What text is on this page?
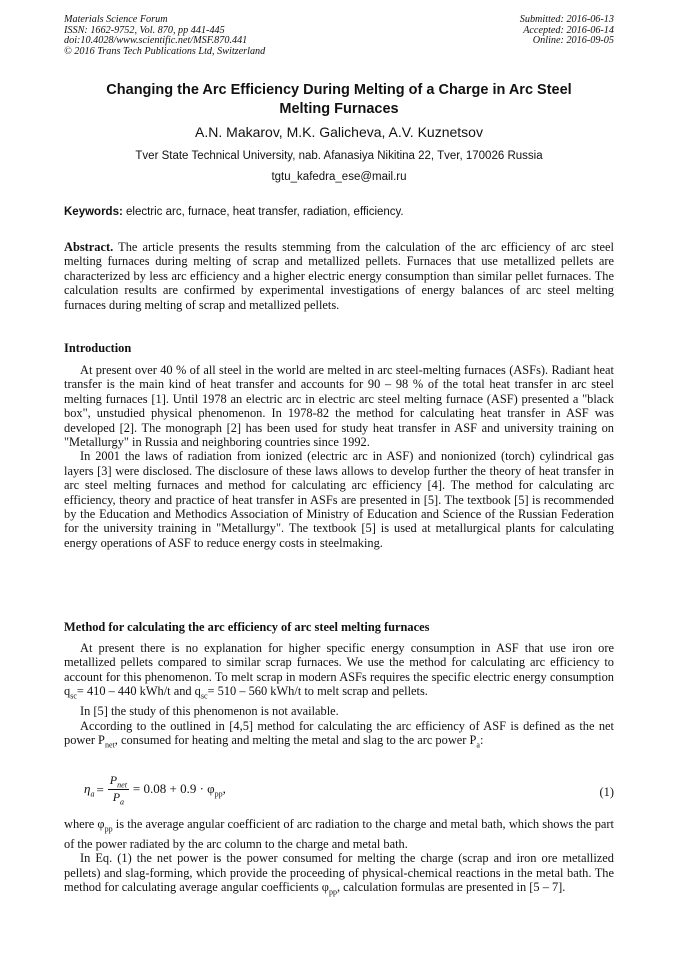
Materials Science Forum
ISSN: 1662-9752, Vol. 870, pp 441-445
doi:10.4028/www.scientific.net/MSF.870.441
© 2016 Trans Tech Publications Ltd, Switzerland
Submitted: 2016-06-13
Accepted: 2016-06-14
Online: 2016-09-05
Changing the Arc Efficiency During Melting of a Charge in Arc Steel
Melting Furnaces
A.N. Makarov, M.K. Galicheva, A.V. Kuznetsov
Tver State Technical University, nab. Afanasiya Nikitina 22, Tver, 170026 Russia
tgtu_kafedra_ese@mail.ru
Keywords: electric arc, furnace, heat transfer, radiation, efficiency.

Abstract. The article presents the results stemming from the calculation of the arc efficiency of arc steel melting furnaces during melting of scrap and metallized pellets. Furnaces that use metallized pellets are characterized by less arc efficiency and a higher electric energy consumption than similar pellet furnaces. The calculation results are confirmed by experimental investigations of energy balances of arc steel melting furnaces during melting of scrap and metallized pellets.

Introduction

At present over 40 % of all steel in the world are melted in arc steel-melting furnaces (ASFs). Radiant heat transfer is the main kind of heat transfer and accounts for 90 – 98 % of the total heat transfer in arc steel melting furnaces [1]. Until 1978 an electric arc in electric arc steel melting furnace (ASF) presented a "black box", unstudied physical phenomenon. In 1978-82 the method for calculating heat transfer in ASF was developed [2]. The monograph [2] has been used for study heat transfer in ASF and university training on "Metallurgy" in Russia and neighboring countries since 1992.

In 2001 the laws of radiation from ionized (electric arc in ASF) and nonionized (torch) cylindrical gas layers [3] were disclosed. The disclosure of these laws allows to develop further the theory of heat transfer in arc steel melting furnaces and method for calculating arc efficiency [4]. The method for calculating arc efficiency, theory and practice of heat transfer in ASFs are presented in [5]. The textbook [5] is recommended by the Education and Methodics Association of Ministry of Education and Science of the Russian Federation for the university training in "Metallurgy". The textbook [5] is used at metallurgical plants for calculating energy operations of ASF to reduce energy costs in steelmaking.

Method for calculating the arc efficiency of arc steel melting furnaces

At present there is no explanation for higher specific energy consumption in ASF that use iron ore metallized pellets compared to similar scrap furnaces. We use the method for calculating arc efficiency to account for this phenomenon. To melt scrap in modern ASFs requires the specific electric energy consumption $q_{sc}= 410 - 440$ kWh/t and $q_{sc}= 510 - 560$ kWh/t to melt scrap and pellets.

In [5] the study of this phenomenon is not available.

According to the outlined in [4,5] method for calculating the arc efficiency of ASF is defined as the net power $P_{net}$, consumed for heating and melting the metal and slag to the arc power $P_a$:

$\eta_a = \frac{P_{net}}{P_a} = 0.08 + 0.9 \cdot \varphi_{pp}$,	(1)

where $\varphi_{pp}$ is the average angular coefficient of arc radiation to the charge and metal bath, which shows the part of the power radiated by the arc column to the charge and metal bath.

In Eq. (1) the net power is the power consumed for melting the charge (scrap and iron ore metallized pellets) and slag-forming, which provide the proceeding of physical-chemical reactions in the metal bath. The method for calculating average angular coefficients $\varphi_{pp}$, calculation formulas are presented in [5 – 7].
